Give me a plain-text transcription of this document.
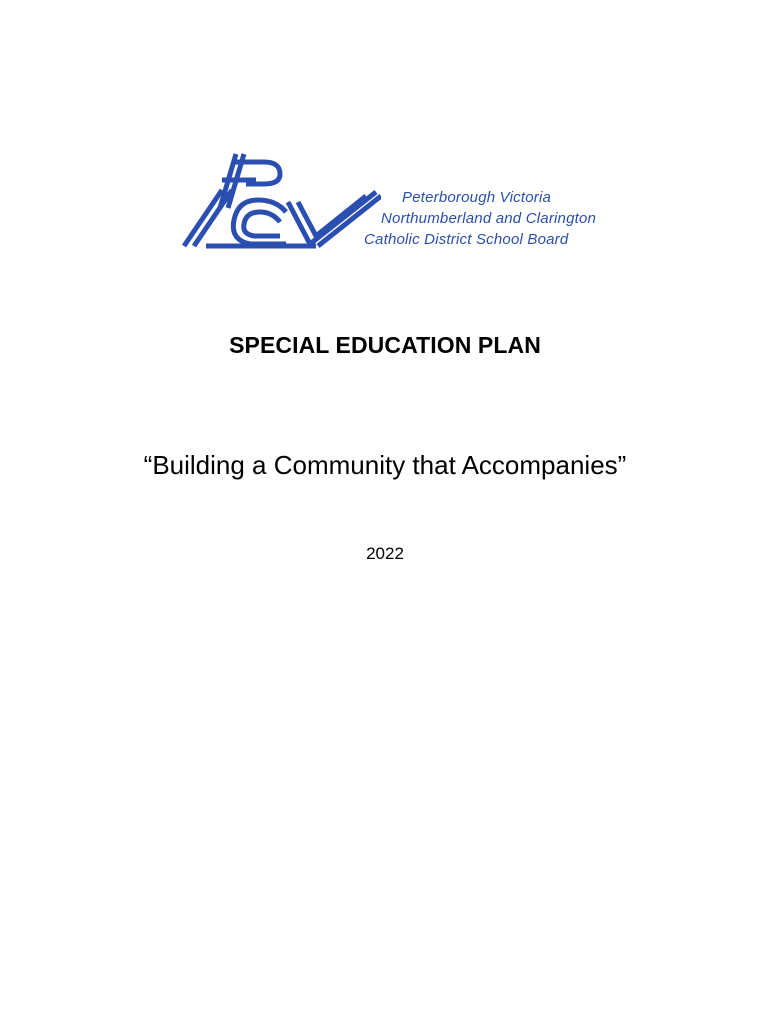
Peterborough Victoria
Northumberland and Clarington
Catholic District School Board
SPECIAL EDUCATION PLAN
“Building a Community that Accompanies”
2022
